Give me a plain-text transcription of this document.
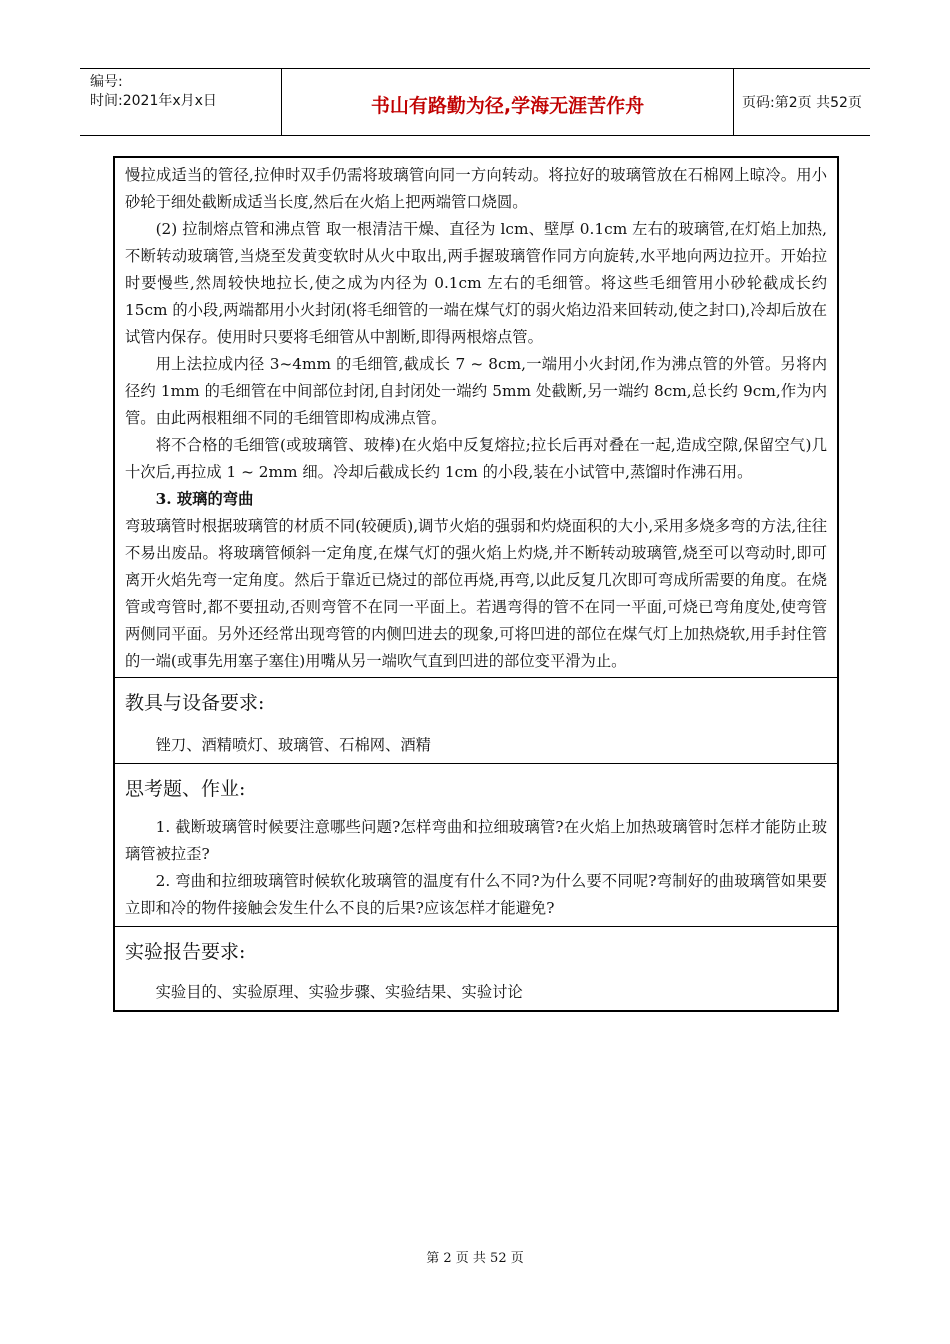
编号:
时间:2021年x月x日	书山有路勤为径,学海无涯苦作舟	页码:第2页 共52页

慢拉成适当的管径,拉伸时双手仍需将玻璃管向同一方向转动。将拉好的玻璃管放在石棉网上晾冷。用小砂轮于细处截断成适当长度,然后在火焰上把两端管口烧圆。

(2) 拉制熔点管和沸点管 取一根清洁干燥、直径为 lcm、壁厚 0.1cm 左右的玻璃管,在灯焰上加热,不断转动玻璃管,当烧至发黄变软时从火中取出,两手握玻璃管作同方向旋转,水平地向两边拉开。开始拉时要慢些,然周较快地拉长,使之成为内径为 0.1cm 左右的毛细管。将这些毛细管用小砂轮截成长约 15cm 的小段,两端都用小火封闭(将毛细管的一端在煤气灯的弱火焰边沿来回转动,使之封口),冷却后放在试管内保存。使用时只要将毛细管从中割断,即得两根熔点管。

用上法拉成内径 3~4mm 的毛细管,截成长 7 ~ 8cm,一端用小火封闭,作为沸点管的外管。另将内径约 1mm 的毛细管在中间部位封闭,自封闭处一端约 5mm 处截断,另一端约 8cm,总长约 9cm,作为内管。由此两根粗细不同的毛细管即构成沸点管。

将不合格的毛细管(或玻璃管、玻棒)在火焰中反复熔拉;拉长后再对叠在一起,造成空隙,保留空气)几十次后,再拉成 1 ~ 2mm 细。冷却后截成长约 1cm 的小段,装在小试管中,蒸馏时作沸石用。

3. 玻璃的弯曲

弯玻璃管时根据玻璃管的材质不同(较硬质),调节火焰的强弱和灼烧面积的大小,采用多烧多弯的方法,往往不易出废品。将玻璃管倾斜一定角度,在煤气灯的强火焰上灼烧,并不断转动玻璃管,烧至可以弯动时,即可离开火焰先弯一定角度。然后于靠近已烧过的部位再烧,再弯,以此反复几次即可弯成所需要的角度。在烧管或弯管时,都不要扭动,否则弯管不在同一平面上。若遇弯得的管不在同一平面,可烧已弯角度处,使弯管两侧同平面。另外还经常出现弯管的内侧凹进去的现象,可将凹进的部位在煤气灯上加热烧软,用手封住管的一端(或事先用塞子塞住)用嘴从另一端吹气直到凹进的部位变平滑为止。

教具与设备要求:

锉刀、酒精喷灯、玻璃管、石棉网、酒精

思考题、作业:

1. 截断玻璃管时候要注意哪些问题?怎样弯曲和拉细玻璃管?在火焰上加热玻璃管时怎样才能防止玻璃管被拉歪?

2. 弯曲和拉细玻璃管时候软化玻璃管的温度有什么不同?为什么要不同呢?弯制好的曲玻璃管如果要立即和冷的物件接触会发生什么不良的后果?应该怎样才能避免?

实验报告要求:

实验目的、实验原理、实验步骤、实验结果、实验讨论

第 2 页 共 52 页
